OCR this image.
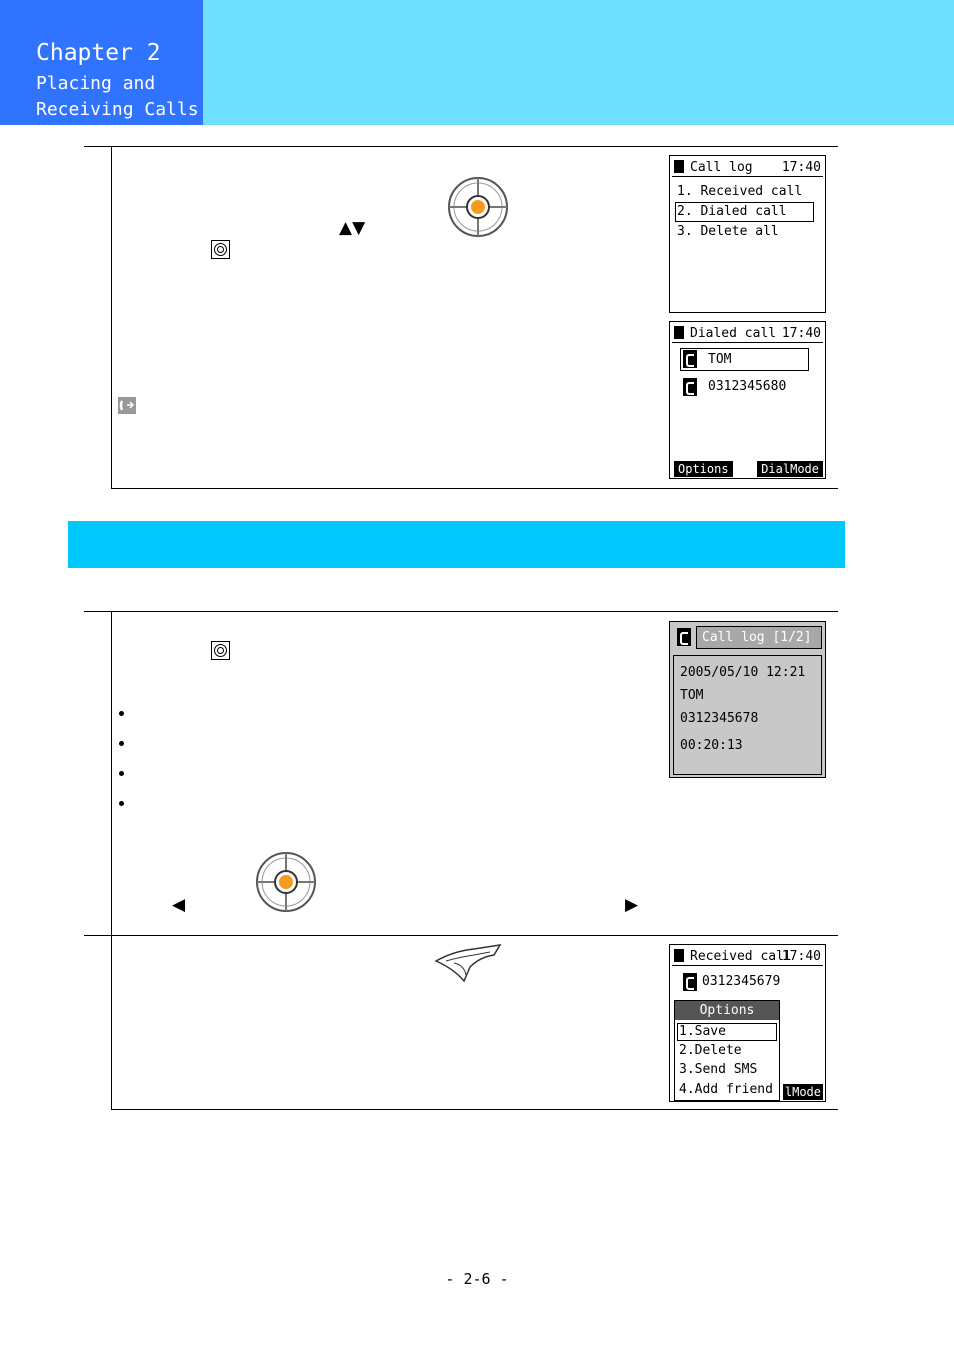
Chapter 2
Placing and
Receiving Calls
▲▼
Call log 17:40
1. Received call
2. Dialed call
3. Delete all
Dialed call 17:40
TOM
0312345680
Options	DialMode
◀	▶
Call log [1/2]
2005/05/10 12:21
TOM
0312345678
00:20:13
Received call
17:40
0312345679
Options
1.Save
2.Delete
3.Send SMS
4.Add friend lMode
- 2-6 -
